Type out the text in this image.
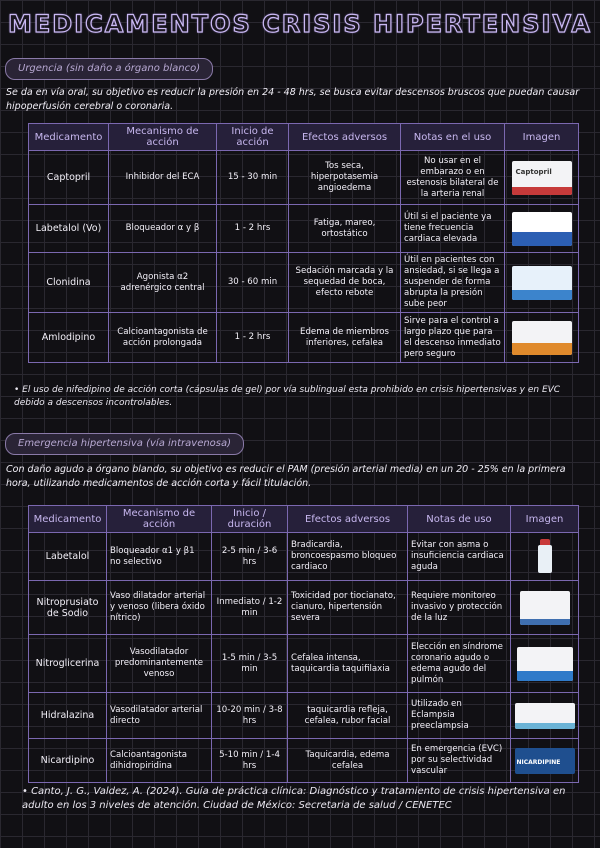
MEDICAMENTOS CRISIS HIPERTENSIVA
Urgencia (sin daño a órgano blanco)
Se da en vía oral, su objetivo es reducir la presión en 24 - 48 hrs, se busca evitar descensos bruscos que puedan causar hipoperfusión cerebral o coronaria.
Medicamento	Mecanismo de acción	Inicio de acción	Efectos adversos	Notas en el uso	Imagen
Captopril	Inhibidor del ECA	15 - 30 min	Tos seca, hiperpotasemia angioedema	No usar en el embarazo o en estenosis bilateral de la arteria renal	Captopril

Labetalol (Vo)	Bloqueador α y β	1 - 2 hrs	Fatiga, mareo, ortostático	Útil si el paciente ya tiene frecuencia cardiaca elevada	

Clonidina	Agonista α2 adrenérgico central	30 - 60 min	Sedación marcada y la sequedad de boca, efecto rebote	Útil en pacientes con ansiedad, si se llega a suspender de forma abrupta la presión sube peor	

Amlodipino	Calcioantagonista de acción prolongada	1 - 2 hrs	Edema de miembros inferiores, cefalea	Sirve para el control a largo plazo que para el descenso inmediato pero seguro	
• El uso de nifedipino de acción corta (cápsulas de gel) por vía sublingual esta prohibido en crisis hipertensivas y en EVC debido a descensos incontrolables.
Emergencia hipertensiva (vía intravenosa)
Con daño agudo a órgano blando, su objetivo es reducir el PAM (presión arterial media) en un 20 - 25% en la primera hora, utilizando medicamentos de acción corta y fácil titulación.
Medicamento	Mecanismo de acción	Inicio / duración	Efectos adversos	Notas de uso	Imagen
Labetalol	Bloqueador α1 y β1 no selectivo	2-5 min / 3-6 hrs	Bradicardia, broncoespasmo bloqueo cardiaco	Evitar con asma o insuficiencia cardiaca aguda	

Nitroprusiato de Sodio	Vaso dilatador arterial y venoso (libera óxido nítrico)	Inmediato / 1-2 min	Toxicidad por tiocianato, cianuro, hipertensión severa	Requiere monitoreo invasivo y protección de la luz	

Nitroglicerina	Vasodilatador predominantemente venoso	1-5 min / 3-5 min	Cefalea intensa, taquicardia taquifilaxia	Elección en síndrome coronario agudo o edema agudo del pulmón	

Hidralazina	Vasodilatador arterial directo	10-20 min / 3-8 hrs	taquicardia refleja, cefalea, rubor facial	Utilizado en Eclampsia preeclampsia	

Nicardipino	Calcioantagonista dihidropiridina	5-10 min / 1-4 hrs	Taquicardia, edema cefalea	En emergencia (EVC) por su selectividad vascular	NICARDIPINE
• Canto, J. G., Valdez, A. (2024). Guía de práctica clínica: Diagnóstico y tratamiento de crisis hipertensiva en adulto en los 3 niveles de atención. Ciudad de México: Secretaria de salud / CENETEC
